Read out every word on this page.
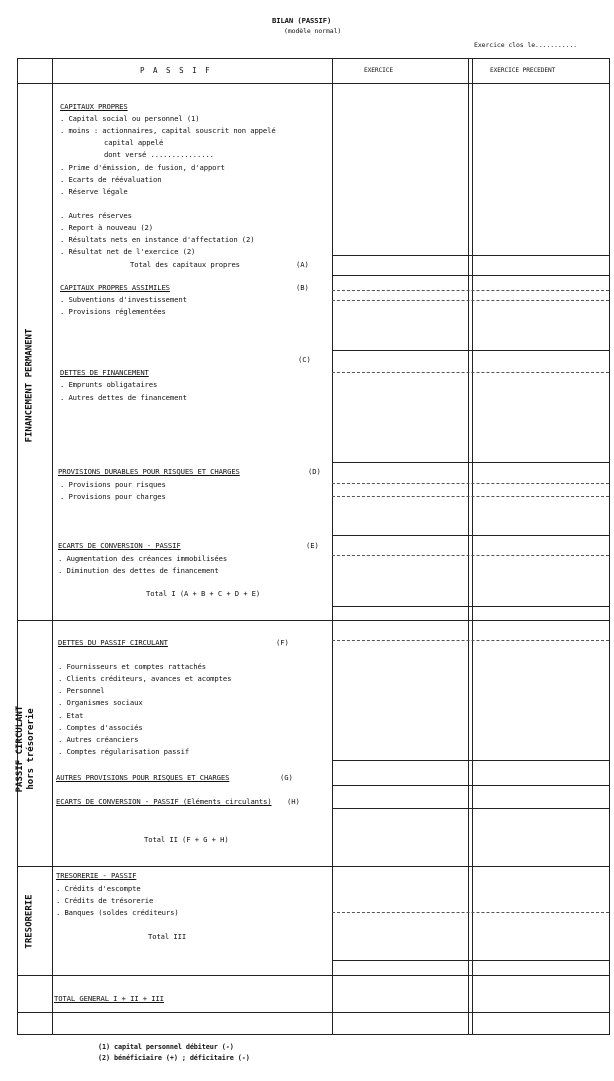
BILAN (PASSIF)
(modèle normal)
Exercice clos le...........
P A S S I F	EXERCICE	EXERCICE PRECEDENT
FINANCEMENT PERMANENT
PASSIF CIRCULANT
hors trésorerie
TRESORERIE
CAPITAUX PROPRES
. Capital social ou personnel (1)
. moins : actionnaires, capital souscrit non appelé
capital appelé
dont versé ...............
. Prime d'émission, de fusion, d'apport
. Ecarts de réévaluation
. Réserve légale
. Autres réserves
. Report à nouveau (2)
. Résultats nets en instance d'affectation (2)
. Résultat net de l'exercice (2)
Total des capitaux propres	(A)
CAPITAUX PROPRES ASSIMILES	(B)
. Subventions d'investissement
. Provisions réglementées
(C)
DETTES DE FINANCEMENT
. Emprunts obligataires
. Autres dettes de financement
PROVISIONS DURABLES POUR RISQUES ET CHARGES	(D)
. Provisions pour risques
. Provisions pour charges
ECARTS DE CONVERSION - PASSIF	(E)
. Augmentation des créances immobilisées
. Diminution des dettes de financement
Total I (A + B + C + D + E)
DETTES DU PASSIF CIRCULANT	(F)
. Fournisseurs et comptes rattachés
. Clients créditeurs, avances et acomptes
. Personnel
. Organismes sociaux
. Etat
. Comptes d'associés
. Autres créanciers
. Comptes régularisation passif
AUTRES PROVISIONS POUR RISQUES ET CHARGES	(G)
ECARTS DE CONVERSION - PASSIF (Eléments circulants) (H)
Total II (F + G + H)
TRESORERIE - PASSIF
. Crédits d'escompte
. Crédits de trésorerie
. Banques (soldes créditeurs)
Total III
TOTAL GENERAL I + II + III
(1) capital personnel débiteur (-)
(2) bénéficiaire (+) ; déficitaire (-)
